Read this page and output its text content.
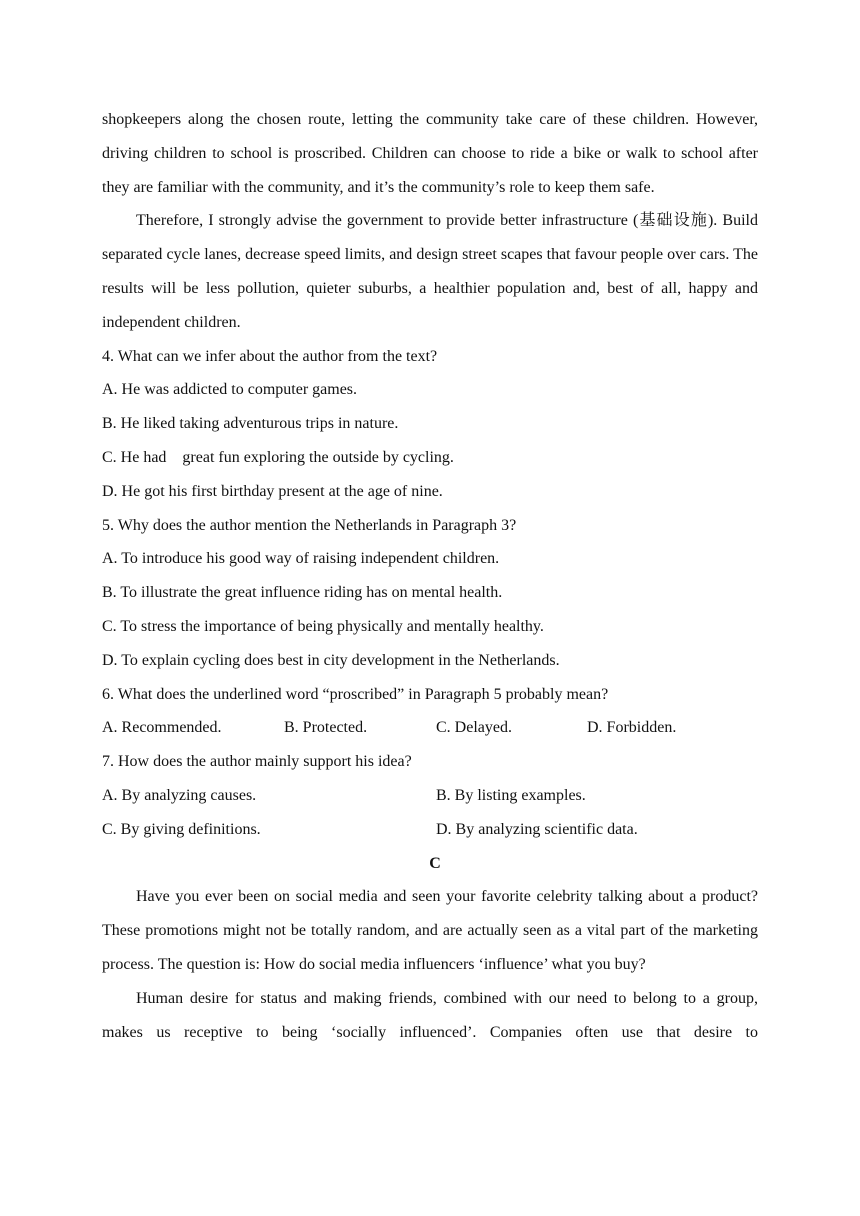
shopkeepers along the chosen route, letting the community take care of these children. However, driving children to school is proscribed. Children can choose to ride a bike or walk to school after they are familiar with the community, and it’s the community’s role to keep them safe.

Therefore, I strongly advise the government to provide better infrastructure (基础设施). Build separated cycle lanes, decrease speed limits, and design street scapes that favour people over cars. The results will be less pollution, quieter suburbs, a healthier population and, best of all, happy and independent children.

4. What can we infer about the author from the text?

A. He was addicted to computer games.

B. He liked taking adventurous trips in nature.

C. He had    great fun exploring the outside by cycling.

D. He got his first birthday present at the age of nine.

5. Why does the author mention the Netherlands in Paragraph 3?

A. To introduce his good way of raising independent children.

B. To illustrate the great influence riding has on mental health.

C. To stress the importance of being physically and mentally healthy.

D. To explain cycling does best in city development in the Netherlands.

6. What does the underlined word “proscribed” in Paragraph 5 probably mean?

A. Recommended.	B. Protected.	C. Delayed.	D. Forbidden.

7. How does the author mainly support his idea?

A. By analyzing causes.	B. By listing examples.
C. By giving definitions.	D. By analyzing scientific data.

C

Have you ever been on social media and seen your favorite celebrity talking about a product? These promotions might not be totally random, and are actually seen as a vital part of the marketing process. The question is: How do social media influencers ‘influence’ what you buy?

Human desire for status and making friends, combined with our need to belong to a group, makes us receptive to being ‘socially influenced’. Companies often use that desire to
